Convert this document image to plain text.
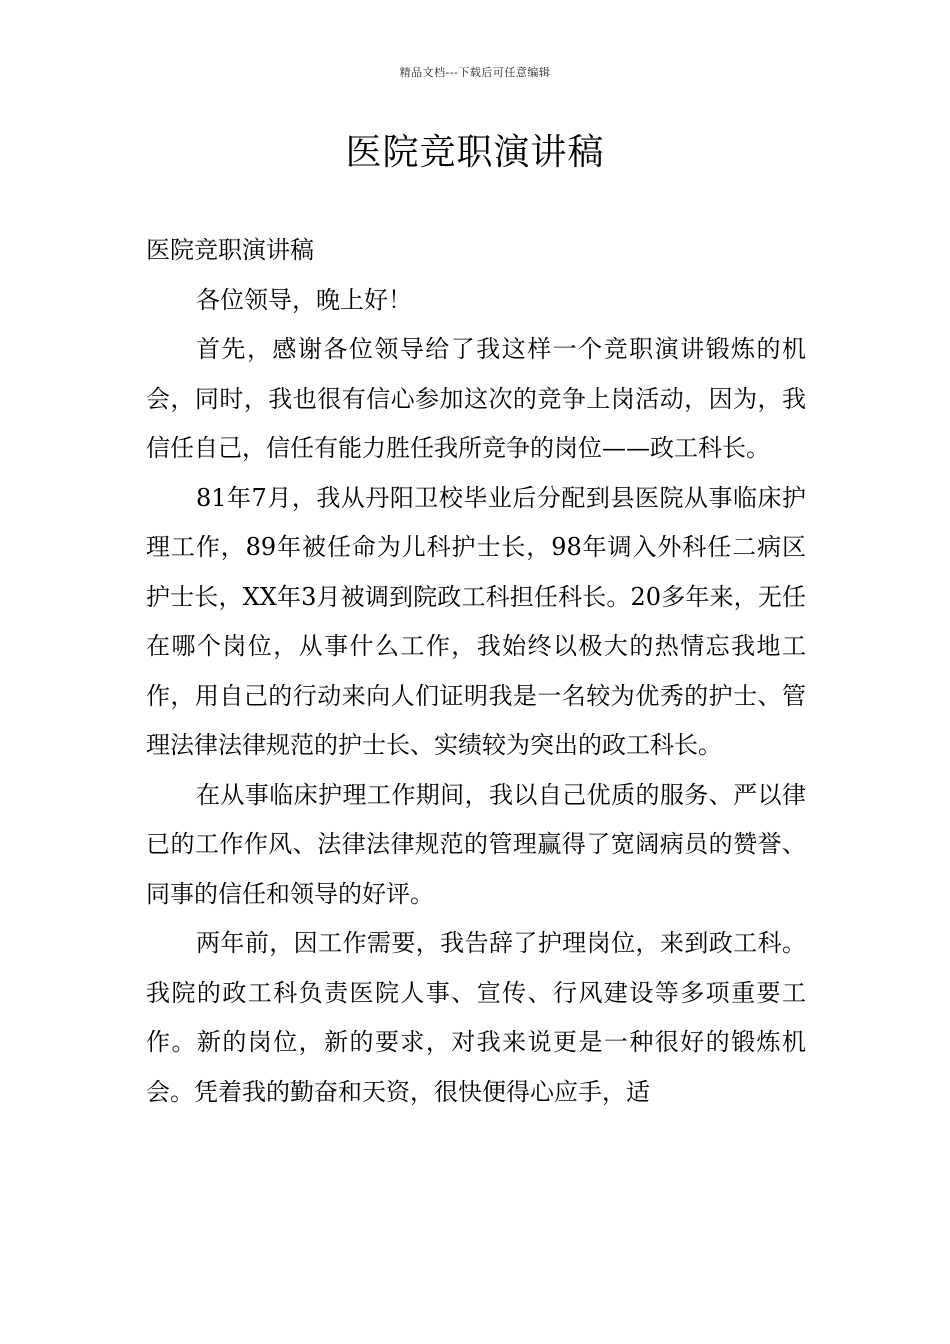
精品文档---下载后可任意编辑
医院竞职演讲稿

医院竞职演讲稿

各位领导，晚上好！

首先，感谢各位领导给了我这样一个竞职演讲锻炼的机会，同时，我也很有信心参加这次的竞争上岗活动，因为，我信任自己，信任有能力胜任我所竞争的岗位——政工科长。

81年7月，我从丹阳卫校毕业后分配到县医院从事临床护理工作，89年被任命为儿科护士长，98年调入外科任二病区护士长，XX年3月被调到院政工科担任科长。20多年来，无任在哪个岗位，从事什么工作，我始终以极大的热情忘我地工作，用自己的行动来向人们证明我是一名较为优秀的护士、管理法律法律规范的护士长、实绩较为突出的政工科长。

在从事临床护理工作期间，我以自己优质的服务、严以律已的工作作风、法律法律规范的管理赢得了宽阔病员的赞誉、同事的信任和领导的好评。

两年前，因工作需要，我告辞了护理岗位，来到政工科。我院的政工科负责医院人事、宣传、行风建设等多项重要工作。新的岗位，新的要求，对我来说更是一种很好的锻炼机会。凭着我的勤奋和天资，很快便得心应手，适
